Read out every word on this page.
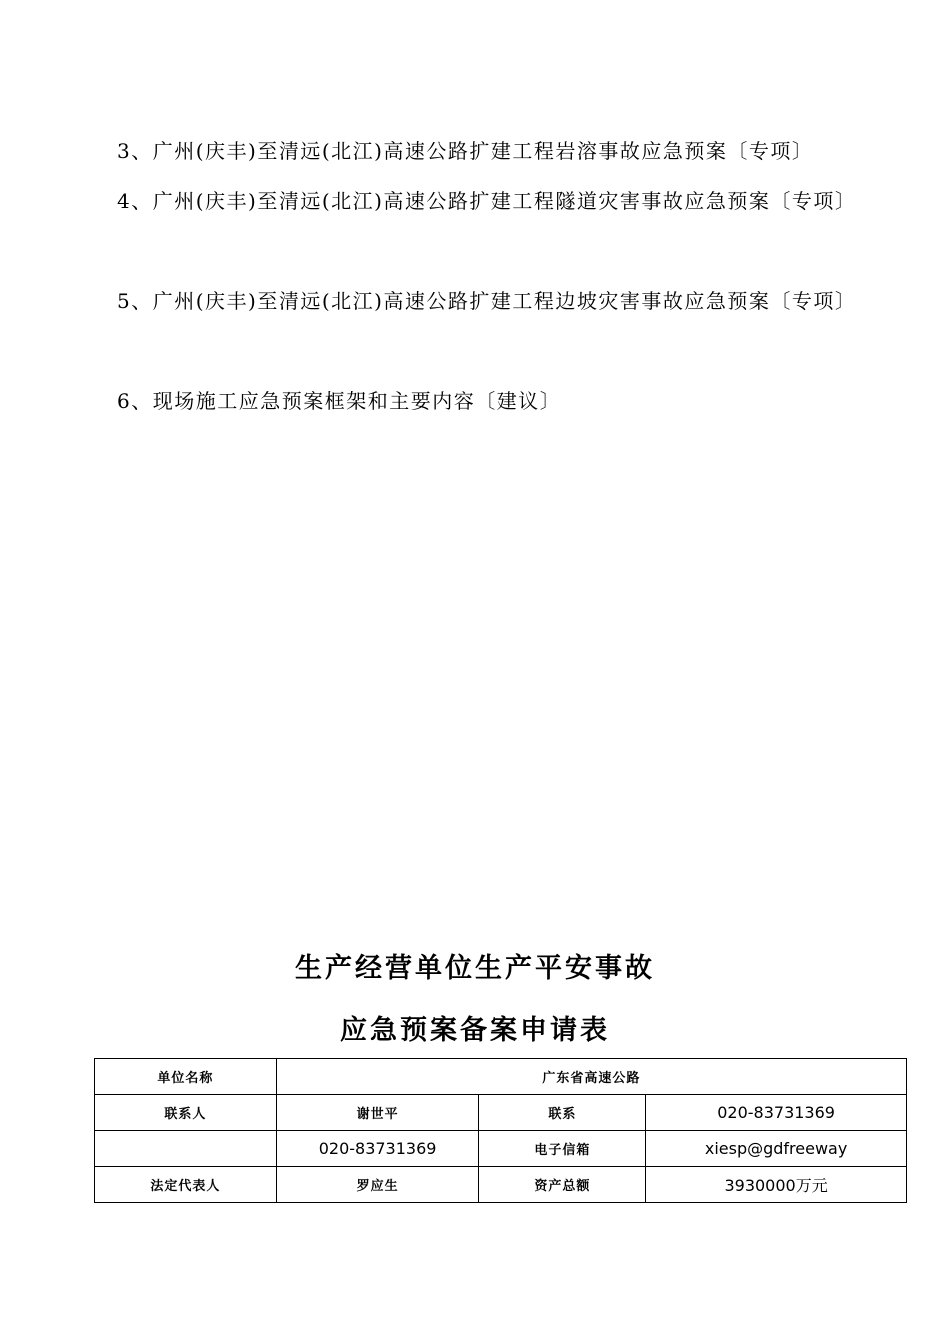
3、广州(庆丰)至清远(北江)高速公路扩建工程岩溶事故应急预案〔专项〕

4、广州(庆丰)至清远(北江)高速公路扩建工程隧道灾害事故应急预案〔专项〕

5、广州(庆丰)至清远(北江)高速公路扩建工程边坡灾害事故应急预案〔专项〕

6、现场施工应急预案框架和主要内容〔建议〕

生产经营单位生产平安事故
应急预案备案申请表
单位名称	广东省高速公路		
联系人	谢世平	联系	020-83731369
	020-83731369	电子信箱	xiesp@gdfreeway
法定代表人	罗应生	资产总额	3930000万元
